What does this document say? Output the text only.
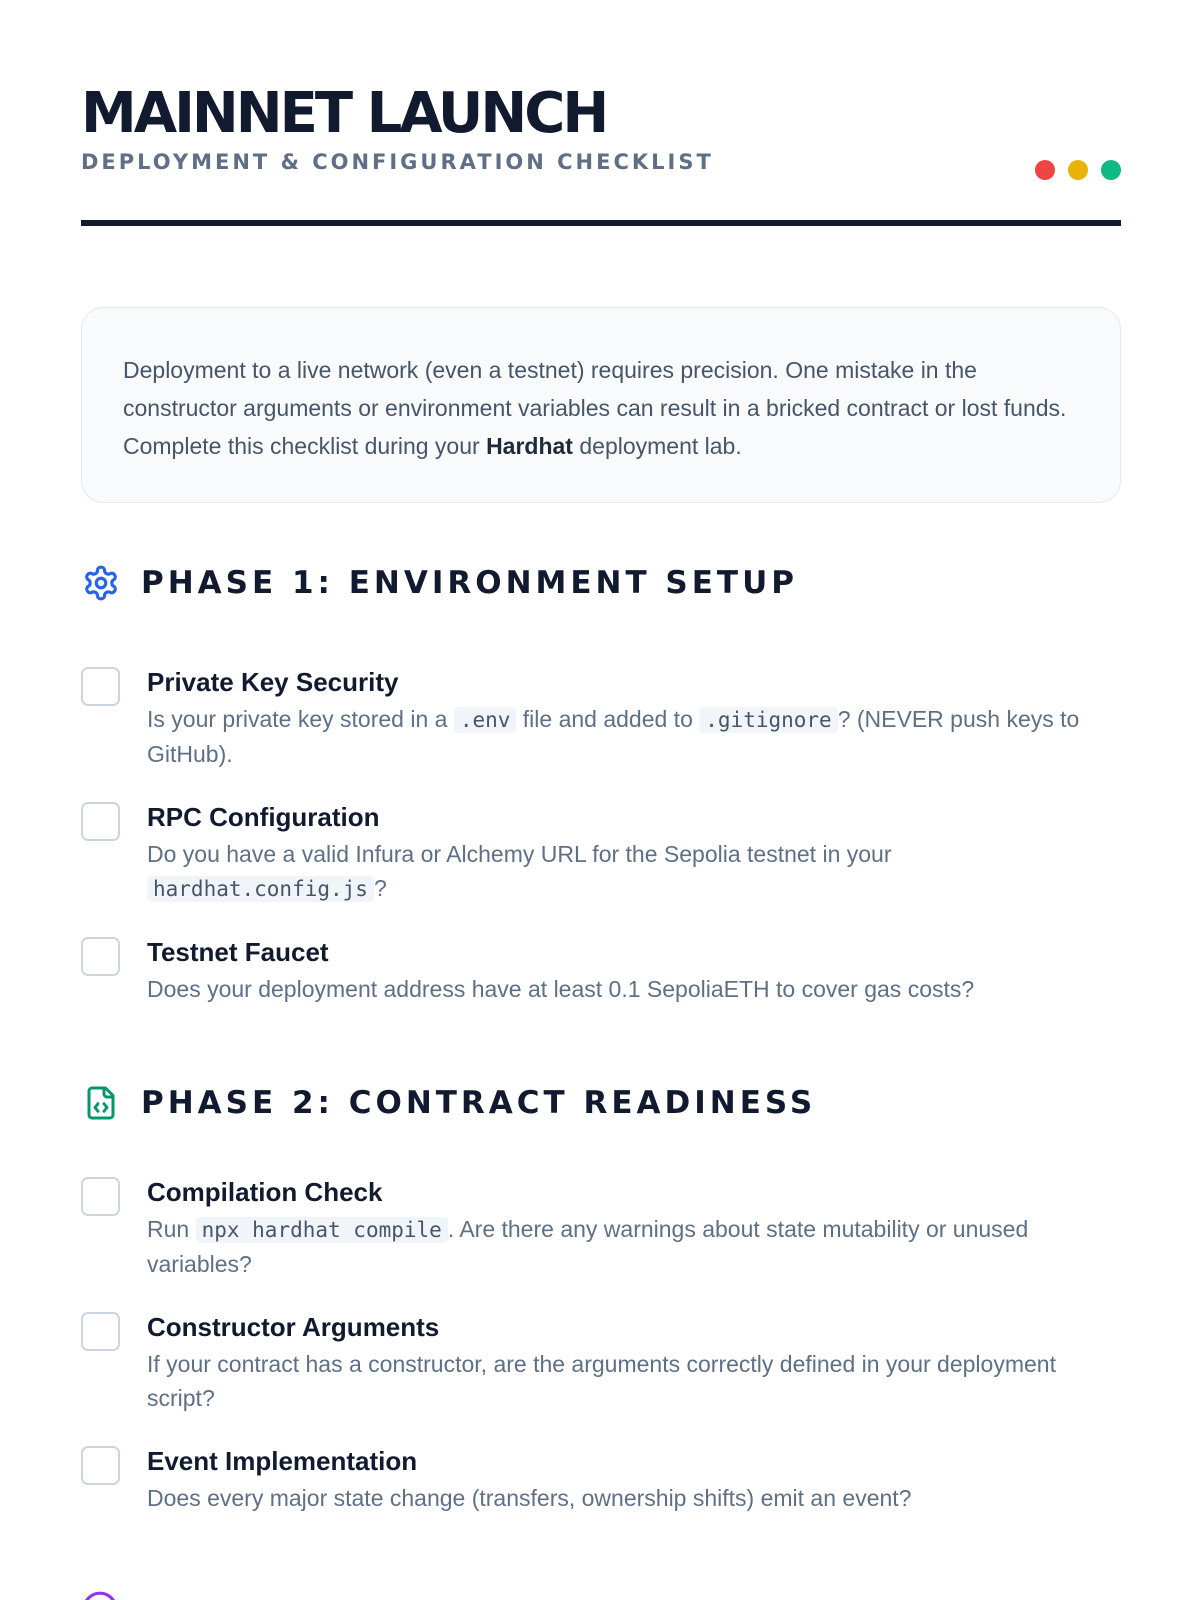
MAINNET LAUNCH
DEPLOYMENT & CONFIGURATION CHECKLIST
Deployment to a live network (even a testnet) requires precision. One mistake in the constructor arguments or environment variables can result in a bricked contract or lost funds. Complete this checklist during your Hardhat deployment lab.
PHASE 1: ENVIRONMENT SETUP
Private Key Security
Is your private key stored in a .env file and added to .gitignore ? (NEVER push keys to GitHub).
RPC Configuration
Do you have a valid Infura or Alchemy URL for the Sepolia testnet in your hardhat.config.js ?
Testnet Faucet
Does your deployment address have at least 0.1 SepoliaETH to cover gas costs?
PHASE 2: CONTRACT READINESS
Compilation Check
Run npx hardhat compile . Are there any warnings about state mutability or unused variables?
Constructor Arguments
If your contract has a constructor, are the arguments correctly defined in your deployment script?
Event Implementation
Does every major state change (transfers, ownership shifts) emit an event?
